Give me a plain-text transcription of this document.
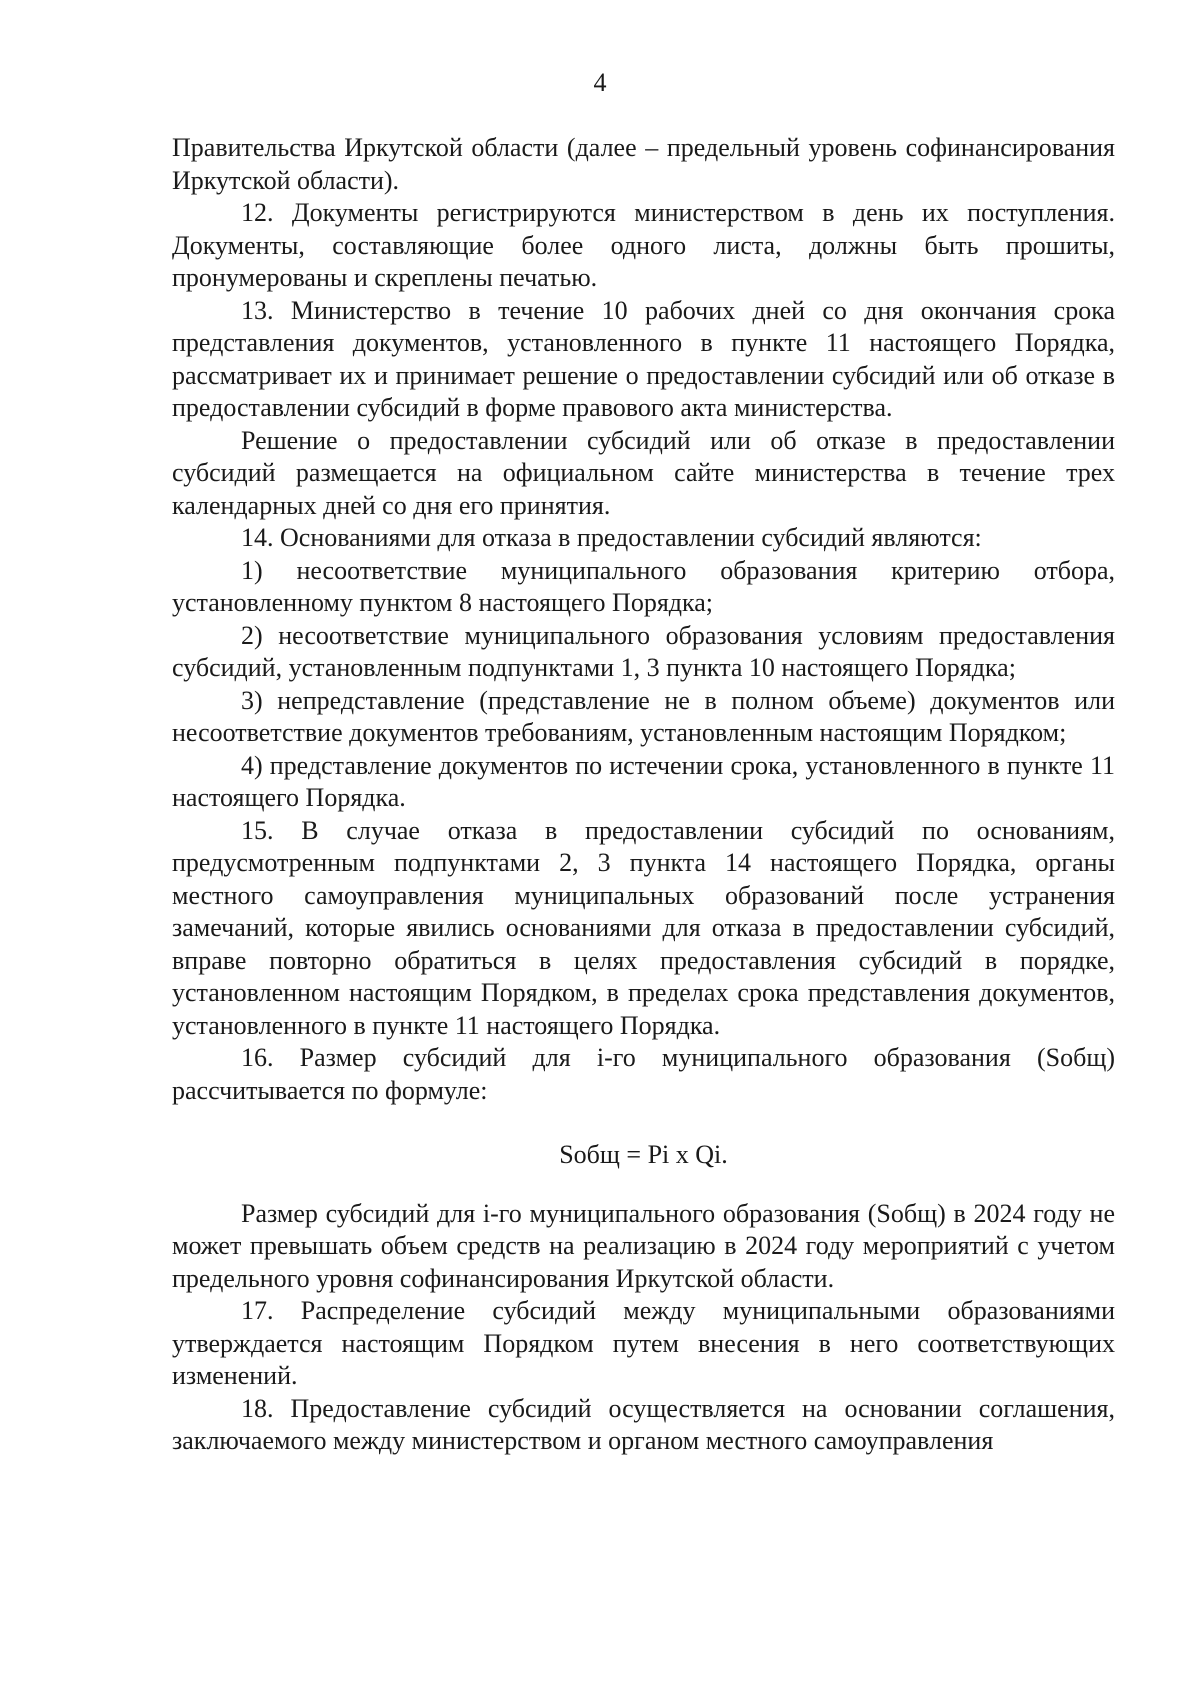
4

Правительства Иркутской области (далее – предельный уровень софинансирования Иркутской области).

12. Документы регистрируются министерством в день их поступления. Документы, составляющие более одного листа, должны быть прошиты, пронумерованы и скреплены печатью.

13. Министерство в течение 10 рабочих дней со дня окончания срока представления документов, установленного в пункте 11 настоящего Порядка, рассматривает их и принимает решение о предоставлении субсидий или об отказе в предоставлении субсидий в форме правового акта министерства.

Решение о предоставлении субсидий или об отказе в предоставлении субсидий размещается на официальном сайте министерства в течение трех календарных дней со дня его принятия.

14. Основаниями для отказа в предоставлении субсидий являются:

1) несоответствие муниципального образования критерию отбора, установленному пунктом 8 настоящего Порядка;

2) несоответствие муниципального образования условиям предоставления субсидий, установленным подпунктами 1, 3 пункта 10 настоящего Порядка;

3) непредставление (представление не в полном объеме) документов или несоответствие документов требованиям, установленным настоящим Порядком;

4) представление документов по истечении срока, установленного в пункте 11 настоящего Порядка.

15. В случае отказа в предоставлении субсидий по основаниям, предусмотренным подпунктами 2, 3 пункта 14 настоящего Порядка, органы местного самоуправления муниципальных образований после устранения замечаний, которые явились основаниями для отказа в предоставлении субсидий, вправе повторно обратиться в целях предоставления субсидий в порядке, установленном настоящим Порядком, в пределах срока представления документов, установленного в пункте 11 настоящего Порядка.

16. Размер субсидий для i-го муниципального образования (Sобщ) рассчитывается по формуле:

Sобщ = Pi x Qi.

Размер субсидий для i-го муниципального образования (Sобщ) в 2024 году не может превышать объем средств на реализацию в 2024 году мероприятий с учетом предельного уровня софинансирования Иркутской области.

17. Распределение субсидий между муниципальными образованиями утверждается настоящим Порядком путем внесения в него соответствующих изменений.

18. Предоставление субсидий осуществляется на основании соглашения, заключаемого между министерством и органом местного самоуправления
